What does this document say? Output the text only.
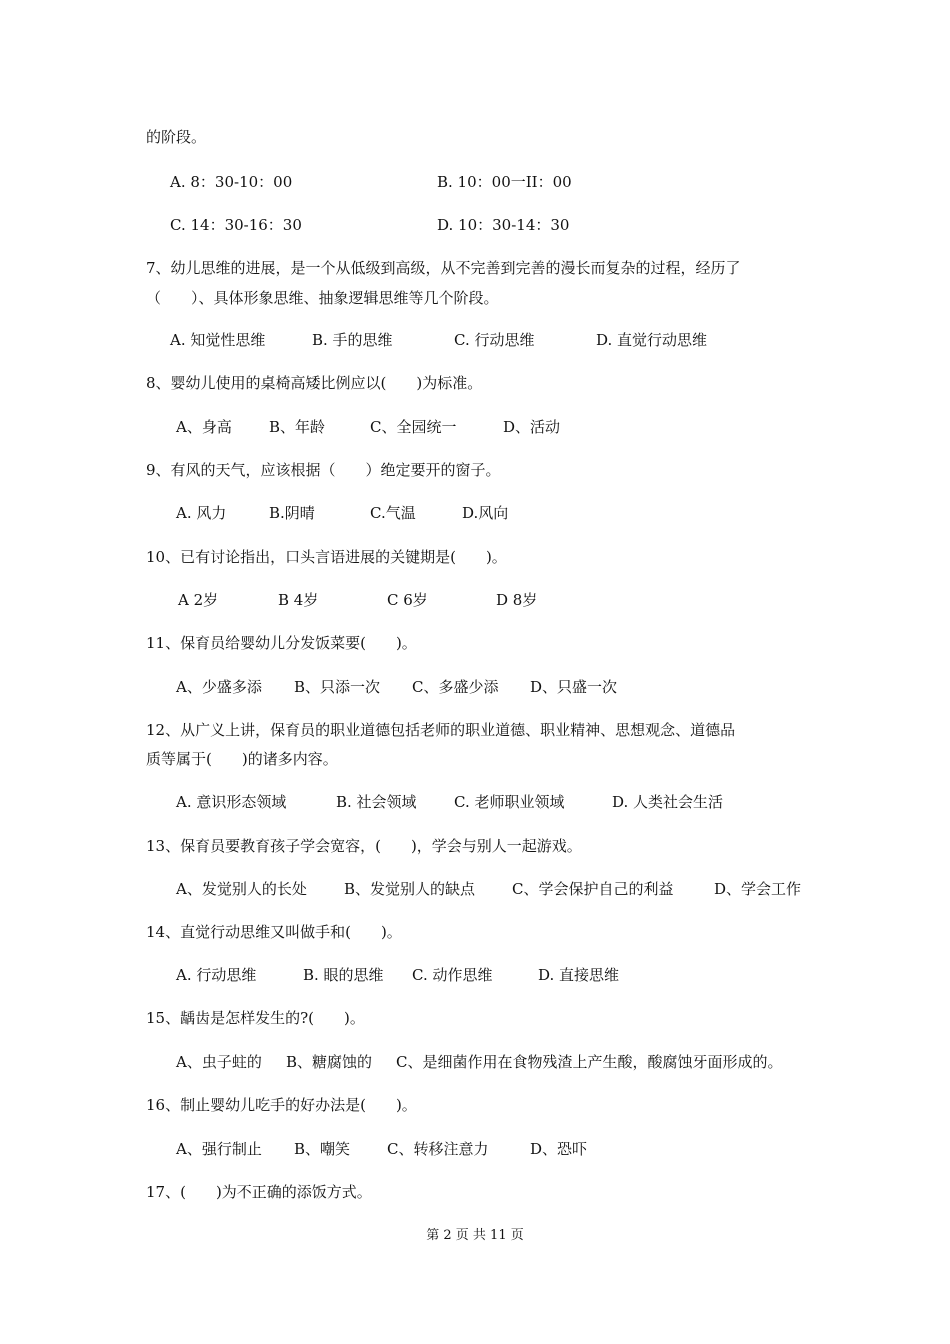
的阶段。
A. 8：30-10：00	B. 10：00一II：00
C. 14：30-16：30	D. 10：30-14：30
7、幼儿思维的进展，是一个从低级到高级，从不完善到完善的漫长而复杂的过程，经历了
（　　）、具体形象思维、抽象逻辑思维等几个阶段。
A. 知觉性思维	B. 手的思维	C. 行动思维	D. 直觉行动思维
8、婴幼儿使用的桌椅高矮比例应以(　　)为标准。
A、身高 B、年龄	C、全园统一	D、活动
9、有风的天气，应该根据（　　）绝定要开的窗子。
A. 风力	B.阴晴	C.气温	D.风向
10、已有讨论指出，口头言语进展的关键期是(　　)。
A 2岁	B 4岁	C 6岁	D 8岁
11、保育员给婴幼儿分发饭菜要(　　)。
A、少盛多添 B、只添一次 C、多盛少添 D、只盛一次
12、从广义上讲，保育员的职业道德包括老师的职业道德、职业精神、思想观念、道德品
质等属于(　　)的诸多内容。
A. 意识形态领域	B. 社会领域 C. 老师职业领域	D. 人类社会生活
13、保育员要教育孩子学会宽容，(　　)，学会与别人一起游戏。
A、发觉别人的长处 B、发觉别人的缺点 C、学会保护自己的利益	D、学会工作
14、直觉行动思维又叫做手和(　　)。
A. 行动思维	B. 眼的思维 C. 动作思维	D. 直接思维
15、龋齿是怎样发生的?(　　)。
A、虫子蛀的 B、糖腐蚀的 C、是细菌作用在食物残渣上产生酸，酸腐蚀牙面形成的。
16、制止婴幼儿吃手的好办法是(　　)。
A、强行制止 B、嘲笑 C、转移注意力	D、恐吓
17、(　　)为不正确的添饭方式。
第 2 页 共 11 页
